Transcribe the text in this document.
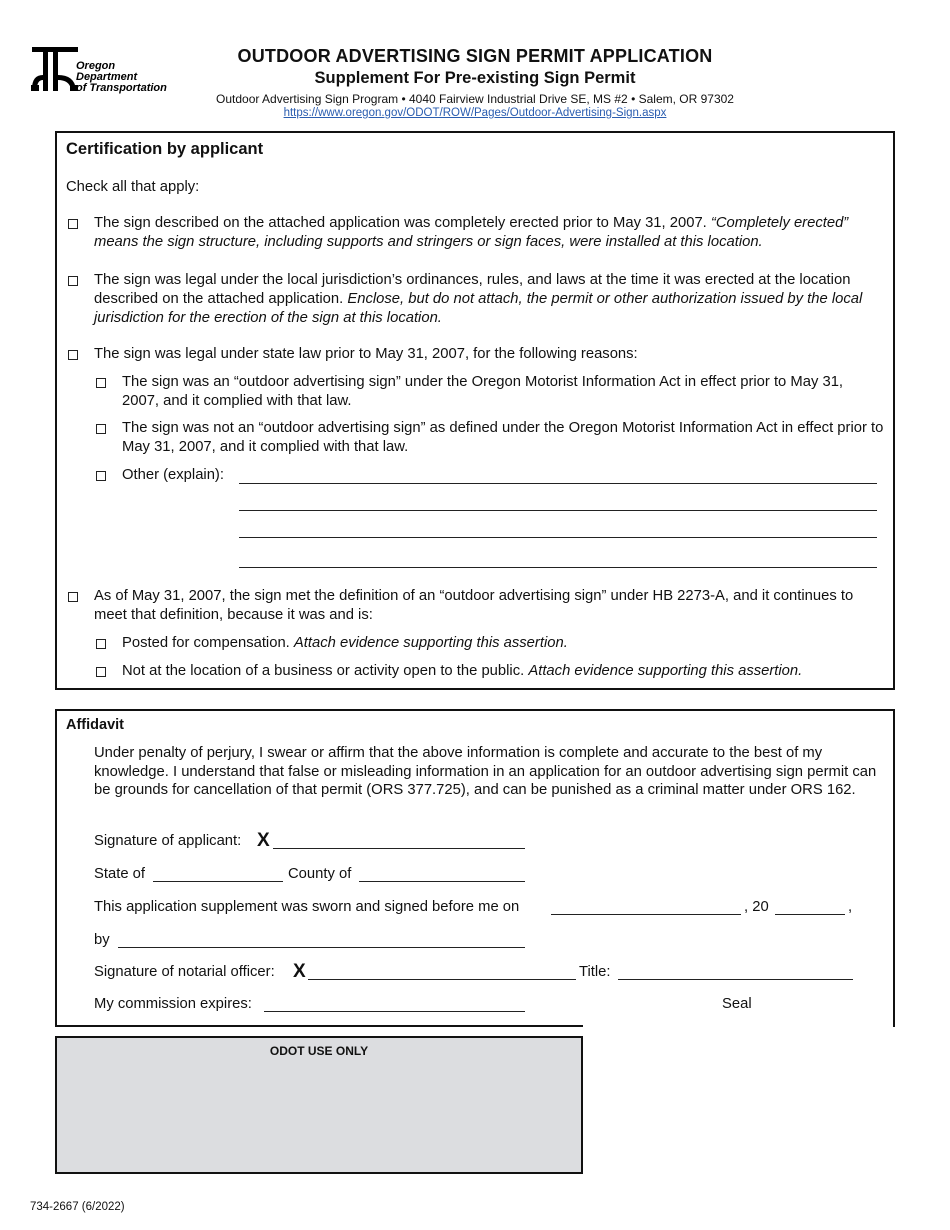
Oregon
Department
of Transportation
OUTDOOR ADVERTISING SIGN PERMIT APPLICATION
Supplement For Pre-existing Sign Permit
Outdoor Advertising Sign Program • 4040 Fairview Industrial Drive SE, MS #2 • Salem, OR 97302
https://www.oregon.gov/ODOT/ROW/Pages/Outdoor-Advertising-Sign.aspx
Certification by applicant
Check all that apply:
The sign described on the attached application was completely erected prior to May 31, 2007. “Completely erected” means the sign structure, including supports and stringers or sign faces, were installed at this location.
The sign was legal under the local jurisdiction’s ordinances, rules, and laws at the time it was erected at the location described on the attached application. Enclose, but do not attach, the permit or other authorization issued by the local jurisdiction for the erection of the sign at this location.
The sign was legal under state law prior to May 31, 2007, for the following reasons:
The sign was an “outdoor advertising sign” under the Oregon Motorist Information Act in effect prior to May 31, 2007, and it complied with that law.
The sign was not an “outdoor advertising sign” as defined under the Oregon Motorist Information Act in effect prior to May 31, 2007, and it complied with that law.
Other (explain):
As of May 31, 2007, the sign met the definition of an “outdoor advertising sign” under HB 2273-A, and it continues to meet that definition, because it was and is:
Posted for compensation. Attach evidence supporting this assertion.
Not at the location of a business or activity open to the public. Attach evidence supporting this assertion.
Affidavit
Under penalty of perjury, I swear or affirm that the above information is complete and accurate to the best of my knowledge. I understand that false or misleading information in an application for an outdoor advertising sign permit can be grounds for cancellation of that permit (ORS 377.725), and can be punished as a criminal matter under ORS 162.
Signature of applicant: X
State of	County of
This application supplement was sworn and signed before me on	, 20	,
by
Signature of notarial officer: X	Title:
My commission expires:	Seal
ODOT USE ONLY
734-2667 (6/2022)
